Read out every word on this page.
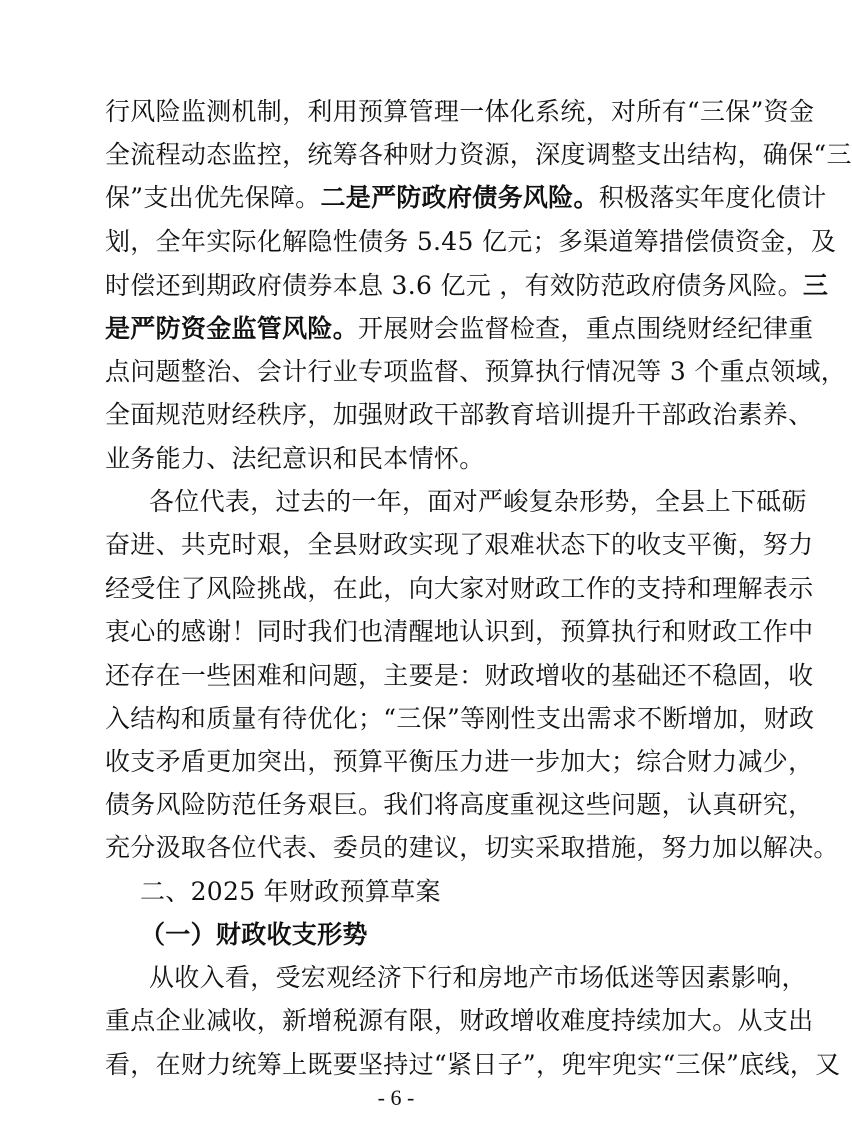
行风险监测机制，利用预算管理一体化系统，对所有“三保”资金
全流程动态监控，统筹各种财力资源，深度调整支出结构，确保“三
保”支出优先保障。二是严防政府债务风险。积极落实年度化债计
划，全年实际化解隐性债务 5.45 亿元；多渠道筹措偿债资金，及
时偿还到期政府债券本息 3.6 亿元 ，有效防范政府债务风险。三
是严防资金监管风险。开展财会监督检查，重点围绕财经纪律重
点问题整治、会计行业专项监督、预算执行情况等 3 个重点领域，
全面规范财经秩序，加强财政干部教育培训提升干部政治素养、
业务能力、法纪意识和民本情怀。
各位代表，过去的一年，面对严峻复杂形势，全县上下砥砺
奋进、共克时艰，全县财政实现了艰难状态下的收支平衡，努力
经受住了风险挑战，在此，向大家对财政工作的支持和理解表示
衷心的感谢！同时我们也清醒地认识到，预算执行和财政工作中
还存在一些困难和问题，主要是：财政增收的基础还不稳固，收
入结构和质量有待优化；“三保”等刚性支出需求不断增加，财政
收支矛盾更加突出，预算平衡压力进一步加大；综合财力减少，
债务风险防范任务艰巨。我们将高度重视这些问题，认真研究，
充分汲取各位代表、委员的建议，切实采取措施，努力加以解决。
二、2025 年财政预算草案
（一）财政收支形势
从收入看，受宏观经济下行和房地产市场低迷等因素影响，
重点企业减收，新增税源有限，财政增收难度持续加大。从支出
看，在财力统筹上既要坚持过“紧日子”，兜牢兜实“三保”底线，又
- 6 -
